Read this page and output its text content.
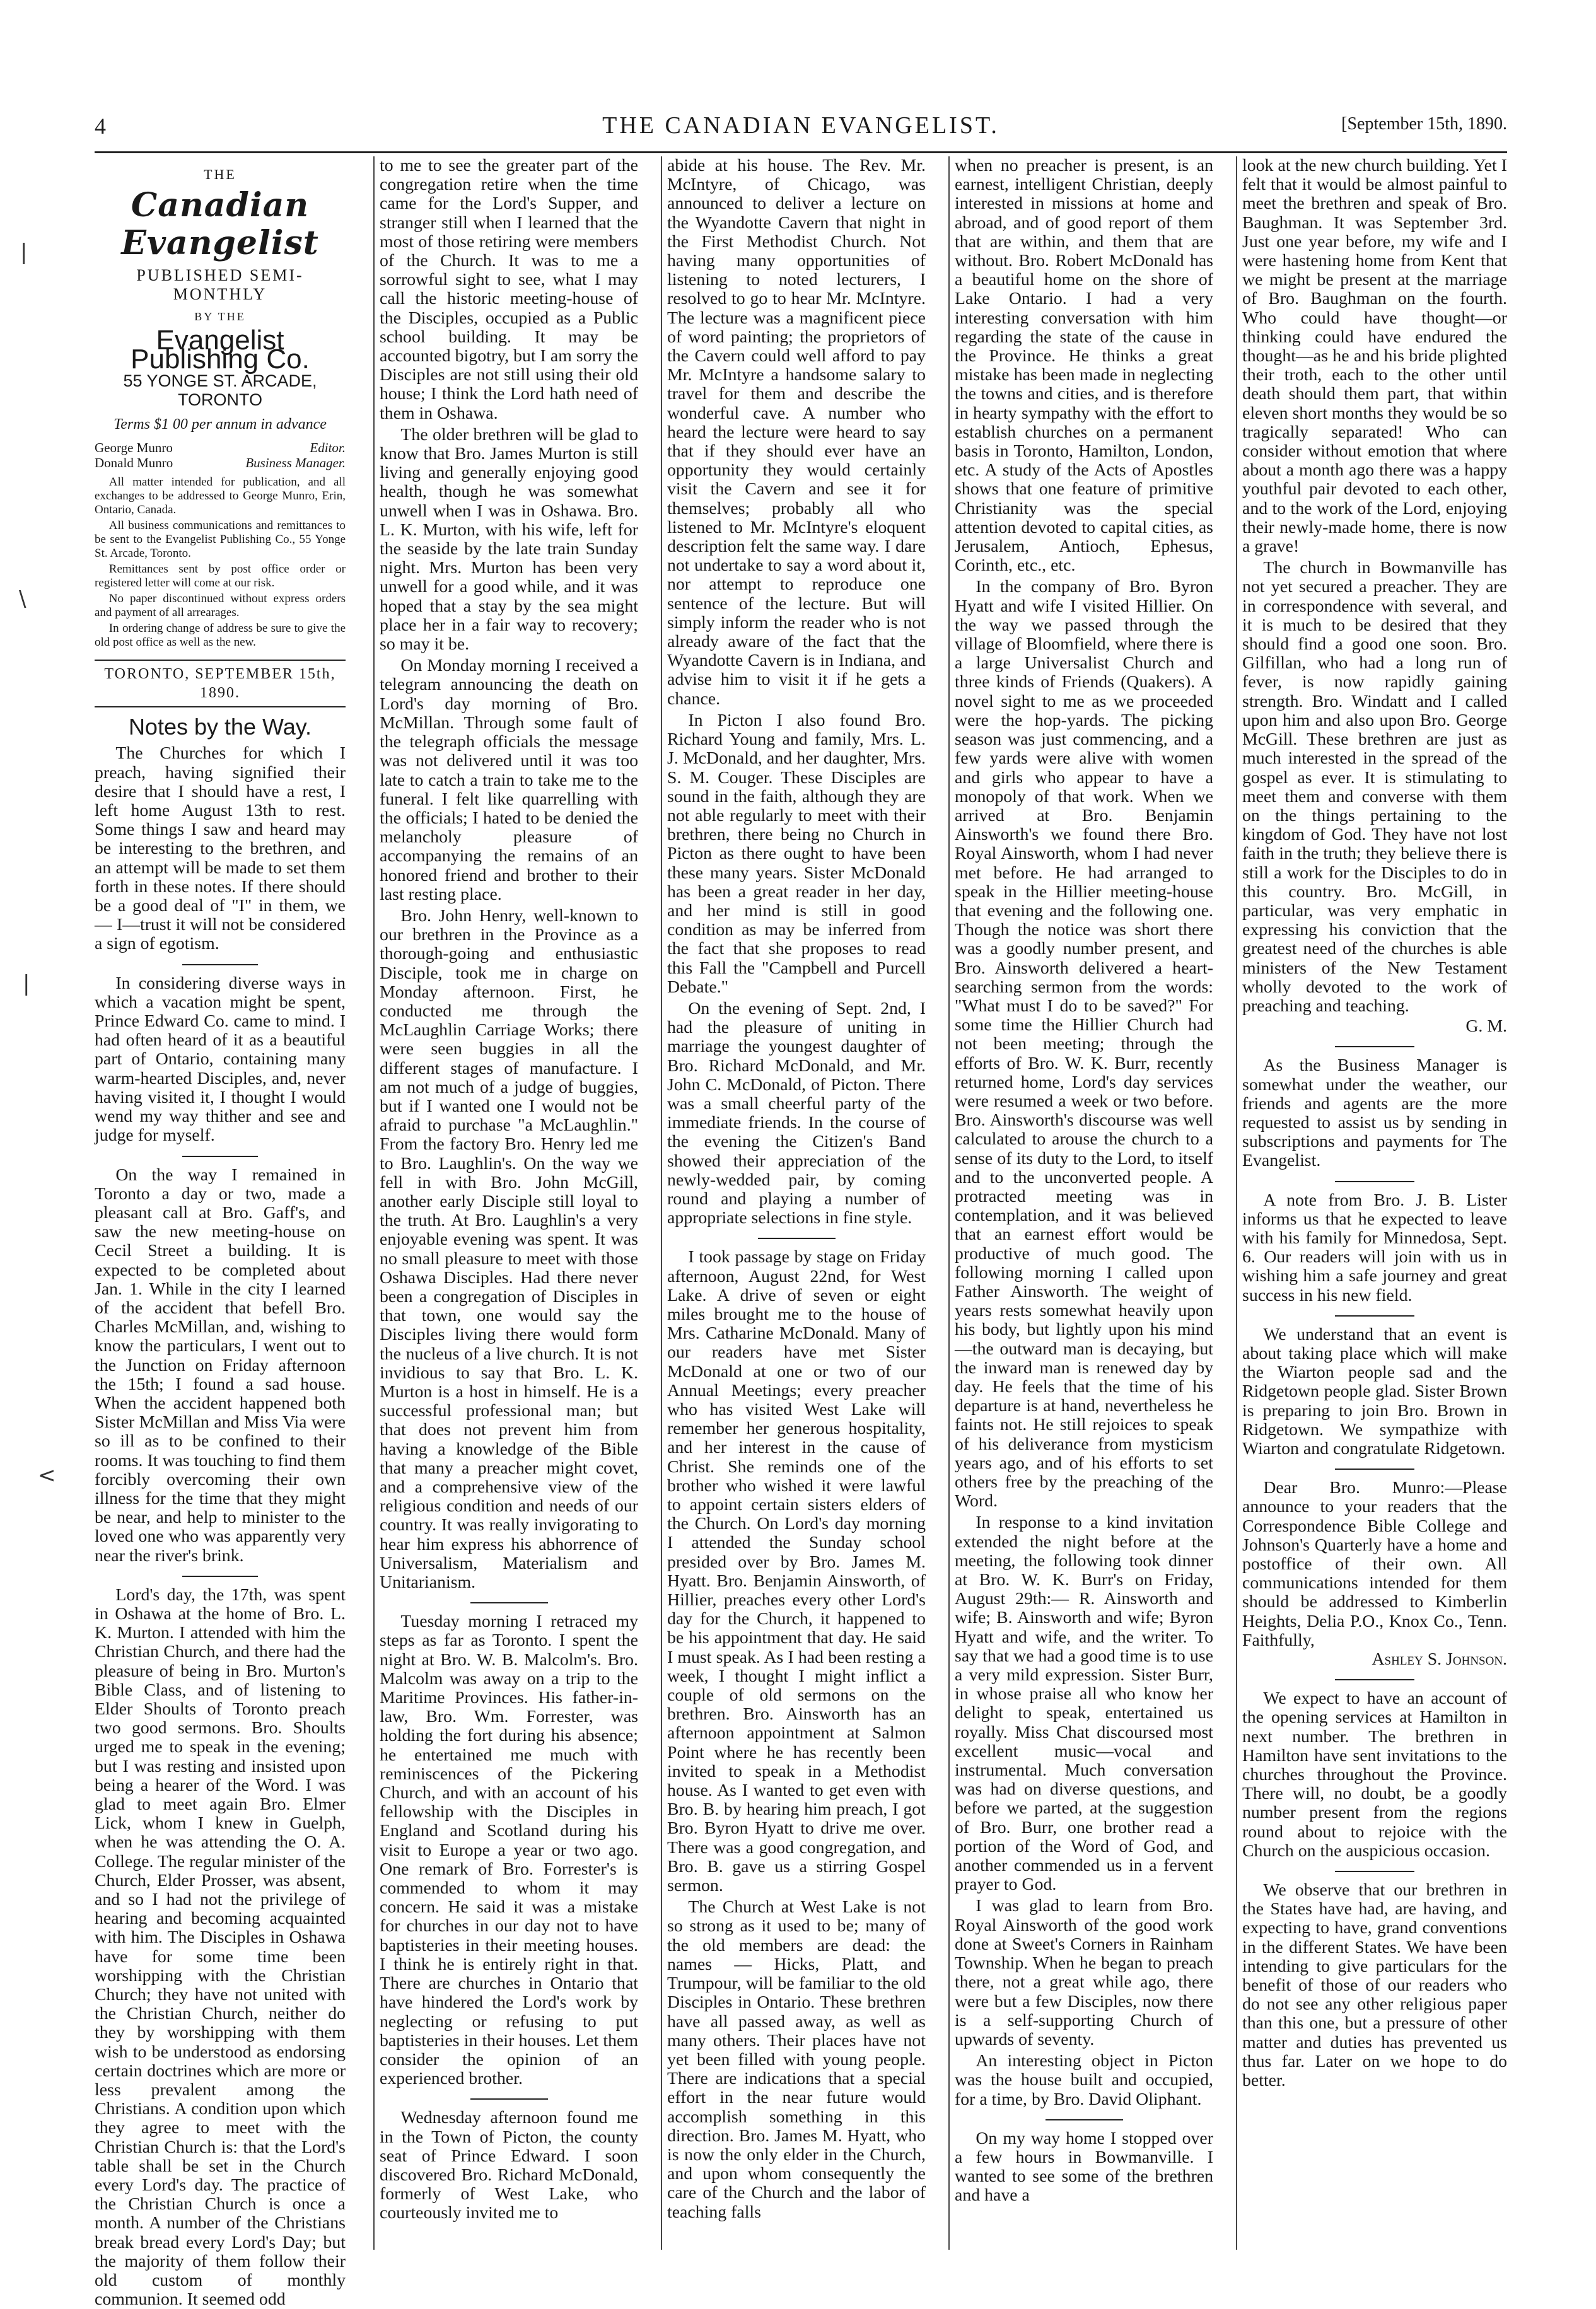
4	THE CANADIAN EVANGELIST.	[September 15th, 1890.
THE
Canadian Evangelist
PUBLISHED SEMI-MONTHLY
BY THE
Evangelist Publishing Co.
55 YONGE ST. ARCADE, TORONTO
Terms $1 00 per annum in advance
George Munro	Editor.
Donald Munro	Business Manager.
All matter intended for publication, and all exchanges to be addressed to George Munro, Erin, Ontario, Canada.
All business communications and remittances to be sent to the Evangelist Publishing Co., 55 Yonge St. Arcade, Toronto.
Remittances sent by post office order or registered letter will come at our risk.
No paper discontinued without express orders and payment of all arrearages.
In ordering change of address be sure to give the old post office as well as the new.
TORONTO, SEPTEMBER 15th, 1890.
Notes by the Way.

The Churches for which I preach, having signified their desire that I should have a rest, I left home August 13th to rest. Some things I saw and heard may be interesting to the brethren, and an attempt will be made to set them forth in these notes. If there should be a good deal of "I" in them, we — I—trust it will not be considered a sign of egotism.

In considering diverse ways in which a vacation might be spent, Prince Edward Co. came to mind. I had often heard of it as a beautiful part of Ontario, containing many warm-hearted Disciples, and, never having visited it, I thought I would wend my way thither and see and judge for myself.

On the way I remained in Toronto a day or two, made a pleasant call at Bro. Gaff's, and saw the new meeting-house on Cecil Street a building. It is expected to be completed about Jan. 1. While in the city I learned of the accident that befell Bro. Charles McMillan, and, wishing to know the particulars, I went out to the Junction on Friday afternoon the 15th; I found a sad house. When the accident happened both Sister McMillan and Miss Via were so ill as to be confined to their rooms. It was touching to find them forcibly overcoming their own illness for the time that they might be near, and help to minister to the loved one who was apparently very near the river's brink.

Lord's day, the 17th, was spent in Oshawa at the home of Bro. L. K. Murton. I attended with him the Christian Church, and there had the pleasure of being in Bro. Murton's Bible Class, and of listening to Elder Shoults of Toronto preach two good sermons. Bro. Shoults urged me to speak in the evening; but I was resting and insisted upon being a hearer of the Word. I was glad to meet again Bro. Elmer Lick, whom I knew in Guelph, when he was attending the O. A. College. The regular minister of the Church, Elder Prosser, was absent, and so I had not the privilege of hearing and becoming acquainted with him. The Disciples in Oshawa have for some time been worshipping with the Christian Church; they have not united with the Christian Church, neither do they by worshipping with them wish to be understood as endorsing certain doctrines which are more or less prevalent among the Christians. A condition upon which they agree to meet with the Christian Church is: that the Lord's table shall be set in the Church every Lord's day. The practice of the Christian Church is once a month. A number of the Christians break bread every Lord's Day; but the majority of them follow their old custom of monthly communion. It seemed odd

to me to see the greater part of the congregation retire when the time came for the Lord's Supper, and stranger still when I learned that the most of those retiring were members of the Church. It was to me a sorrowful sight to see, what I may call the historic meeting-house of the Disciples, occupied as a Public school building. It may be accounted bigotry, but I am sorry the Disciples are not still using their old house; I think the Lord hath need of them in Oshawa.

The older brethren will be glad to know that Bro. James Murton is still living and generally enjoying good health, though he was somewhat unwell when I was in Oshawa. Bro. L. K. Murton, with his wife, left for the seaside by the late train Sunday night. Mrs. Murton has been very unwell for a good while, and it was hoped that a stay by the sea might place her in a fair way to recovery; so may it be.

On Monday morning I received a telegram announcing the death on Lord's day morning of Bro. McMillan. Through some fault of the telegraph officials the message was not delivered until it was too late to catch a train to take me to the funeral. I felt like quarrelling with the officials; I hated to be denied the melancholy pleasure of accompanying the remains of an honored friend and brother to their last resting place.

Bro. John Henry, well-known to our brethren in the Province as a thorough-going and enthusiastic Disciple, took me in charge on Monday afternoon. First, he conducted me through the McLaughlin Carriage Works; there were seen buggies in all the different stages of manufacture. I am not much of a judge of buggies, but if I wanted one I would not be afraid to purchase "a McLaughlin." From the factory Bro. Henry led me to Bro. Laughlin's. On the way we fell in with Bro. John McGill, another early Disciple still loyal to the truth. At Bro. Laughlin's a very enjoyable evening was spent. It was no small pleasure to meet with those Oshawa Disciples. Had there never been a congregation of Disciples in that town, one would say the Disciples living there would form the nucleus of a live church. It is not invidious to say that Bro. L. K. Murton is a host in himself. He is a successful professional man; but that does not prevent him from having a knowledge of the Bible that many a preacher might covet, and a comprehensive view of the religious condition and needs of our country. It was really invigorating to hear him express his abhorrence of Universalism, Materialism and Unitarianism.

Tuesday morning I retraced my steps as far as Toronto. I spent the night at Bro. W. B. Malcolm's. Bro. Malcolm was away on a trip to the Maritime Provinces. His father-in-law, Bro. Wm. Forrester, was holding the fort during his absence; he entertained me much with reminiscences of the Pickering Church, and with an account of his fellowship with the Disciples in England and Scotland during his visit to Europe a year or two ago. One remark of Bro. Forrester's is commended to whom it may concern. He said it was a mistake for churches in our day not to have baptisteries in their meeting houses. I think he is entirely right in that. There are churches in Ontario that have hindered the Lord's work by neglecting or refusing to put baptisteries in their houses. Let them consider the opinion of an experienced brother.

Wednesday afternoon found me in the Town of Picton, the county seat of Prince Edward. I soon discovered Bro. Richard McDonald, formerly of West Lake, who courteously invited me to

abide at his house. The Rev. Mr. McIntyre, of Chicago, was announced to deliver a lecture on the Wyandotte Cavern that night in the First Methodist Church. Not having many opportunities of listening to noted lecturers, I resolved to go to hear Mr. McIntyre. The lecture was a magnificent piece of word painting; the proprietors of the Cavern could well afford to pay Mr. McIntyre a handsome salary to travel for them and describe the wonderful cave. A number who heard the lecture were heard to say that if they should ever have an opportunity they would certainly visit the Cavern and see it for themselves; probably all who listened to Mr. McIntyre's eloquent description felt the same way. I dare not undertake to say a word about it, nor attempt to reproduce one sentence of the lecture. But will simply inform the reader who is not already aware of the fact that the Wyandotte Cavern is in Indiana, and advise him to visit it if he gets a chance.

In Picton I also found Bro. Richard Young and family, Mrs. L. J. McDonald, and her daughter, Mrs. S. M. Couger. These Disciples are sound in the faith, although they are not able regularly to meet with their brethren, there being no Church in Picton as there ought to have been these many years. Sister McDonald has been a great reader in her day, and her mind is still in good condition as may be inferred from the fact that she proposes to read this Fall the "Campbell and Purcell Debate."

On the evening of Sept. 2nd, I had the pleasure of uniting in marriage the youngest daughter of Bro. Richard McDonald, and Mr. John C. McDonald, of Picton. There was a small cheerful party of the immediate friends. In the course of the evening the Citizen's Band showed their appreciation of the newly-wedded pair, by coming round and playing a number of appropriate selections in fine style.

I took passage by stage on Friday afternoon, August 22nd, for West Lake. A drive of seven or eight miles brought me to the house of Mrs. Catharine McDonald. Many of our readers have met Sister McDonald at one or two of our Annual Meetings; every preacher who has visited West Lake will remember her generous hospitality, and her interest in the cause of Christ. She reminds one of the brother who wished it were lawful to appoint certain sisters elders of the Church. On Lord's day morning I attended the Sunday school presided over by Bro. James M. Hyatt. Bro. Benjamin Ainsworth, of Hillier, preaches every other Lord's day for the Church, it happened to be his appointment that day. He said I must speak. As I had been resting a week, I thought I might inflict a couple of old sermons on the brethren. Bro. Ainsworth has an afternoon appointment at Salmon Point where he has recently been invited to speak in a Methodist house. As I wanted to get even with Bro. B. by hearing him preach, I got Bro. Byron Hyatt to drive me over. There was a good congregation, and Bro. B. gave us a stirring Gospel sermon.

The Church at West Lake is not so strong as it used to be; many of the old members are dead: the names — Hicks, Platt, and Trumpour, will be familiar to the old Disciples in Ontario. These brethren have all passed away, as well as many others. Their places have not yet been filled with young people. There are indications that a special effort in the near future would accomplish something in this direction. Bro. James M. Hyatt, who is now the only elder in the Church, and upon whom consequently the care of the Church and the labor of teaching falls

when no preacher is present, is an earnest, intelligent Christian, deeply interested in missions at home and abroad, and of good report of them that are within, and them that are without. Bro. Robert McDonald has a beautiful home on the shore of Lake Ontario. I had a very interesting conversation with him regarding the state of the cause in the Province. He thinks a great mistake has been made in neglecting the towns and cities, and is therefore in hearty sympathy with the effort to establish churches on a permanent basis in Toronto, Hamilton, London, etc. A study of the Acts of Apostles shows that one feature of primitive Christianity was the special attention devoted to capital cities, as Jerusalem, Antioch, Ephesus, Corinth, etc., etc.

In the company of Bro. Byron Hyatt and wife I visited Hillier. On the way we passed through the village of Bloomfield, where there is a large Universalist Church and three kinds of Friends (Quakers). A novel sight to me as we proceeded were the hop-yards. The picking season was just commencing, and a few yards were alive with women and girls who appear to have a monopoly of that work. When we arrived at Bro. Benjamin Ainsworth's we found there Bro. Royal Ainsworth, whom I had never met before. He had arranged to speak in the Hillier meeting-house that evening and the following one. Though the notice was short there was a goodly number present, and Bro. Ainsworth delivered a heart-searching sermon from the words: "What must I do to be saved?" For some time the Hillier Church had not been meeting; through the efforts of Bro. W. K. Burr, recently returned home, Lord's day services were resumed a week or two before. Bro. Ainsworth's discourse was well calculated to arouse the church to a sense of its duty to the Lord, to itself and to the unconverted people. A protracted meeting was in contemplation, and it was believed that an earnest effort would be productive of much good. The following morning I called upon Father Ainsworth. The weight of years rests somewhat heavily upon his body, but lightly upon his mind—the outward man is decaying, but the inward man is renewed day by day. He feels that the time of his departure is at hand, nevertheless he faints not. He still rejoices to speak of his deliverance from mysticism years ago, and of his efforts to set others free by the preaching of the Word.

In response to a kind invitation extended the night before at the meeting, the following took dinner at Bro. W. K. Burr's on Friday, August 29th:— R. Ainsworth and wife; B. Ainsworth and wife; Byron Hyatt and wife, and the writer. To say that we had a good time is to use a very mild expression. Sister Burr, in whose praise all who know her delight to speak, entertained us royally. Miss Chat discoursed most excellent music—vocal and instrumental. Much conversation was had on diverse questions, and before we parted, at the suggestion of Bro. Burr, one brother read a portion of the Word of God, and another commended us in a fervent prayer to God.

I was glad to learn from Bro. Royal Ainsworth of the good work done at Sweet's Corners in Rainham Township. When he began to preach there, not a great while ago, there were but a few Disciples, now there is a self-supporting Church of upwards of seventy.

An interesting object in Picton was the house built and occupied, for a time, by Bro. David Oliphant.

On my way home I stopped over a few hours in Bowmanville. I wanted to see some of the brethren and have a

look at the new church building. Yet I felt that it would be almost painful to meet the brethren and speak of Bro. Baughman. It was September 3rd. Just one year before, my wife and I were hastening home from Kent that we might be present at the marriage of Bro. Baughman on the fourth. Who could have thought—or thinking could have endured the thought—as he and his bride plighted their troth, each to the other until death should them part, that within eleven short months they would be so tragically separated! Who can consider without emotion that where about a month ago there was a happy youthful pair devoted to each other, and to the work of the Lord, enjoying their newly-made home, there is now a grave!

The church in Bowmanville has not yet secured a preacher. They are in correspondence with several, and it is much to be desired that they should find a good one soon. Bro. Gilfillan, who had a long run of fever, is now rapidly gaining strength. Bro. Windatt and I called upon him and also upon Bro. George McGill. These brethren are just as much interested in the spread of the gospel as ever. It is stimulating to meet them and converse with them on the things pertaining to the kingdom of God. They have not lost faith in the truth; they believe there is still a work for the Disciples to do in this country. Bro. McGill, in particular, was very emphatic in expressing his conviction that the greatest need of the churches is able ministers of the New Testament wholly devoted to the work of preaching and teaching.

G. M.

As the Business Manager is somewhat under the weather, our friends and agents are the more requested to assist us by sending in subscriptions and payments for The Evangelist.

A note from Bro. J. B. Lister informs us that he expected to leave with his family for Minnedosa, Sept. 6. Our readers will join with us in wishing him a safe journey and great success in his new field.

We understand that an event is about taking place which will make the Wiarton people sad and the Ridgetown people glad. Sister Brown is preparing to join Bro. Brown in Ridgetown. We sympathize with Wiarton and congratulate Ridgetown.

Dear Bro. Munro:—Please announce to your readers that the Correspondence Bible College and Johnson's Quarterly have a home and postoffice of their own. All communications intended for them should be addressed to Kimberlin Heights, Delia P.O., Knox Co., Tenn. Faithfully,

Ashley S. Johnson.

We expect to have an account of the opening services at Hamilton in next number. The brethren in Hamilton have sent invitations to the churches throughout the Province. There will, no doubt, be a goodly number present from the regions round about to rejoice with the Church on the auspicious occasion.

We observe that our brethren in the States have had, are having, and expecting to have, grand conventions in the different States. We have been intending to give particulars for the benefit of those of our readers who do not see any other religious paper than this one, but a pressure of other matter and duties has prevented us thus far. Later on we hope to do better.

|
\
|
<
